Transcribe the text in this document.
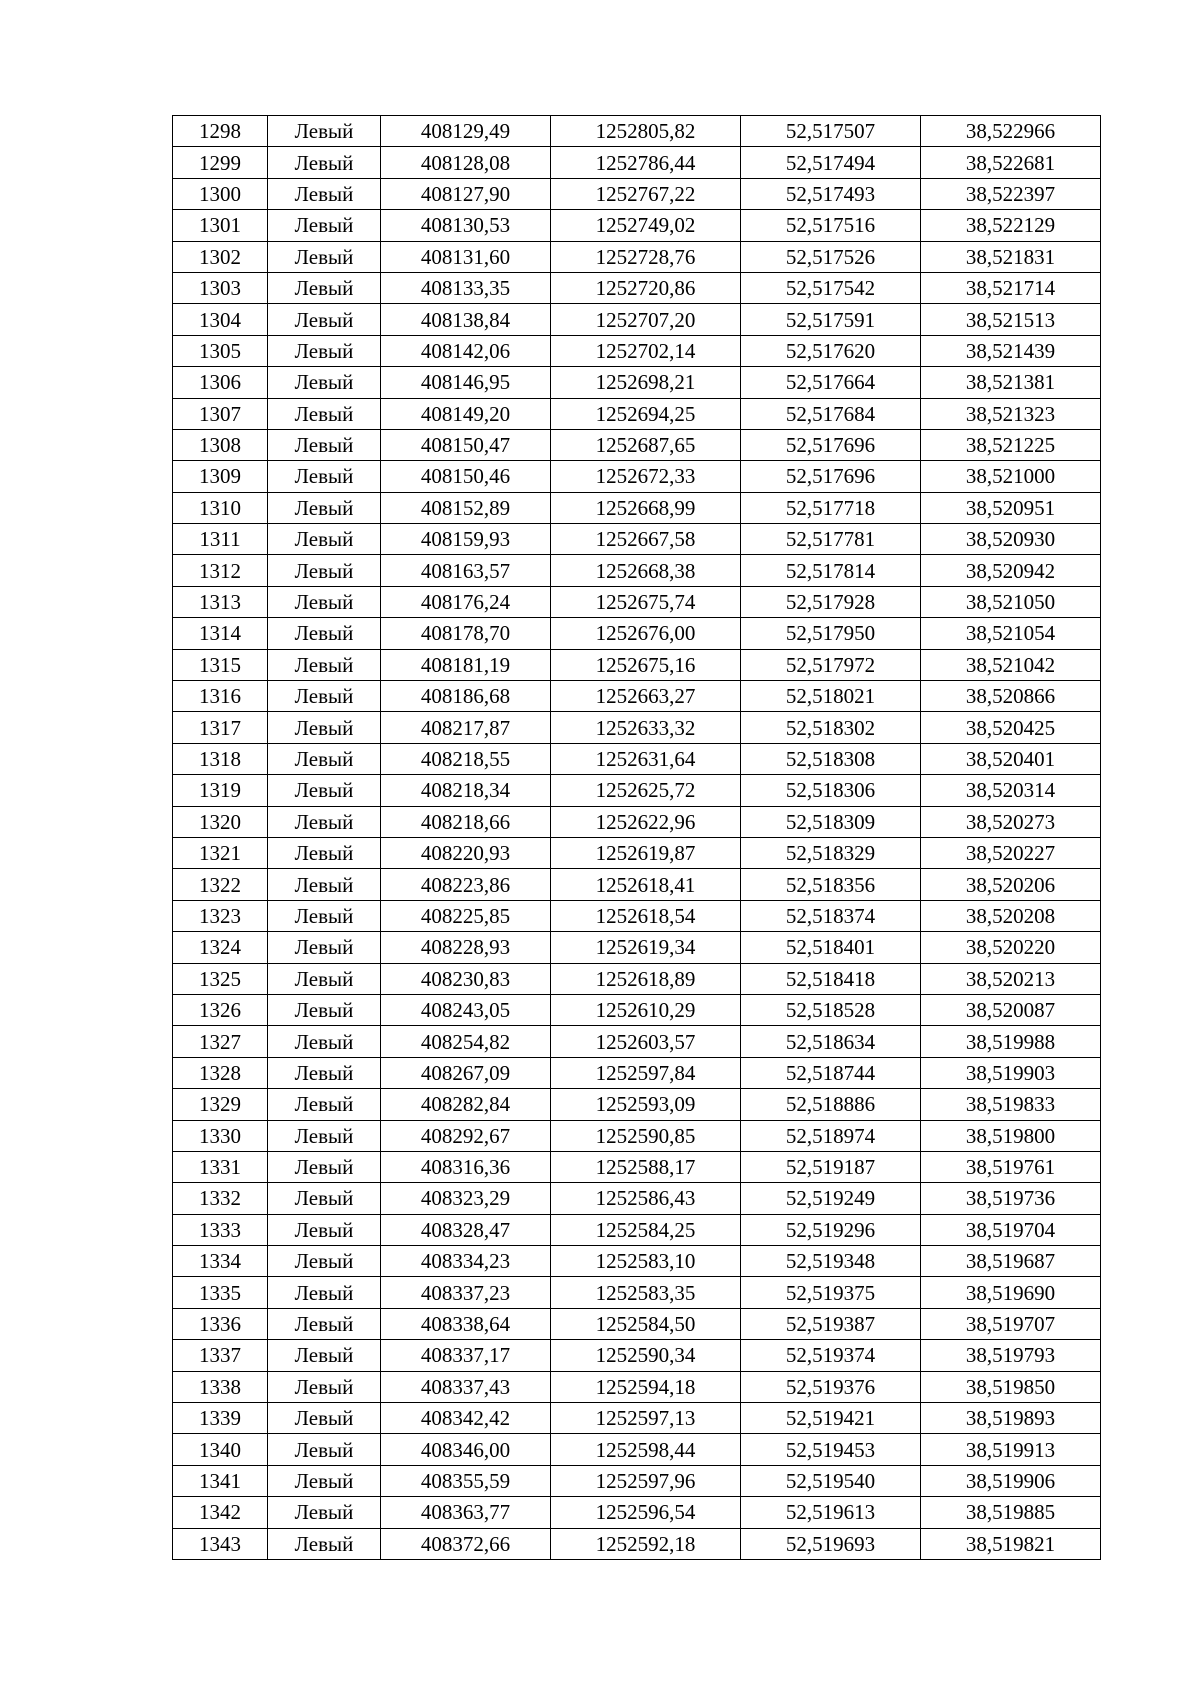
1298	Левый	408129,49	1252805,82	52,517507	38,522966
1299	Левый	408128,08	1252786,44	52,517494	38,522681
1300	Левый	408127,90	1252767,22	52,517493	38,522397
1301	Левый	408130,53	1252749,02	52,517516	38,522129
1302	Левый	408131,60	1252728,76	52,517526	38,521831
1303	Левый	408133,35	1252720,86	52,517542	38,521714
1304	Левый	408138,84	1252707,20	52,517591	38,521513
1305	Левый	408142,06	1252702,14	52,517620	38,521439
1306	Левый	408146,95	1252698,21	52,517664	38,521381
1307	Левый	408149,20	1252694,25	52,517684	38,521323
1308	Левый	408150,47	1252687,65	52,517696	38,521225
1309	Левый	408150,46	1252672,33	52,517696	38,521000
1310	Левый	408152,89	1252668,99	52,517718	38,520951
1311	Левый	408159,93	1252667,58	52,517781	38,520930
1312	Левый	408163,57	1252668,38	52,517814	38,520942
1313	Левый	408176,24	1252675,74	52,517928	38,521050
1314	Левый	408178,70	1252676,00	52,517950	38,521054
1315	Левый	408181,19	1252675,16	52,517972	38,521042
1316	Левый	408186,68	1252663,27	52,518021	38,520866
1317	Левый	408217,87	1252633,32	52,518302	38,520425
1318	Левый	408218,55	1252631,64	52,518308	38,520401
1319	Левый	408218,34	1252625,72	52,518306	38,520314
1320	Левый	408218,66	1252622,96	52,518309	38,520273
1321	Левый	408220,93	1252619,87	52,518329	38,520227
1322	Левый	408223,86	1252618,41	52,518356	38,520206
1323	Левый	408225,85	1252618,54	52,518374	38,520208
1324	Левый	408228,93	1252619,34	52,518401	38,520220
1325	Левый	408230,83	1252618,89	52,518418	38,520213
1326	Левый	408243,05	1252610,29	52,518528	38,520087
1327	Левый	408254,82	1252603,57	52,518634	38,519988
1328	Левый	408267,09	1252597,84	52,518744	38,519903
1329	Левый	408282,84	1252593,09	52,518886	38,519833
1330	Левый	408292,67	1252590,85	52,518974	38,519800
1331	Левый	408316,36	1252588,17	52,519187	38,519761
1332	Левый	408323,29	1252586,43	52,519249	38,519736
1333	Левый	408328,47	1252584,25	52,519296	38,519704
1334	Левый	408334,23	1252583,10	52,519348	38,519687
1335	Левый	408337,23	1252583,35	52,519375	38,519690
1336	Левый	408338,64	1252584,50	52,519387	38,519707
1337	Левый	408337,17	1252590,34	52,519374	38,519793
1338	Левый	408337,43	1252594,18	52,519376	38,519850
1339	Левый	408342,42	1252597,13	52,519421	38,519893
1340	Левый	408346,00	1252598,44	52,519453	38,519913
1341	Левый	408355,59	1252597,96	52,519540	38,519906
1342	Левый	408363,77	1252596,54	52,519613	38,519885
1343	Левый	408372,66	1252592,18	52,519693	38,519821
